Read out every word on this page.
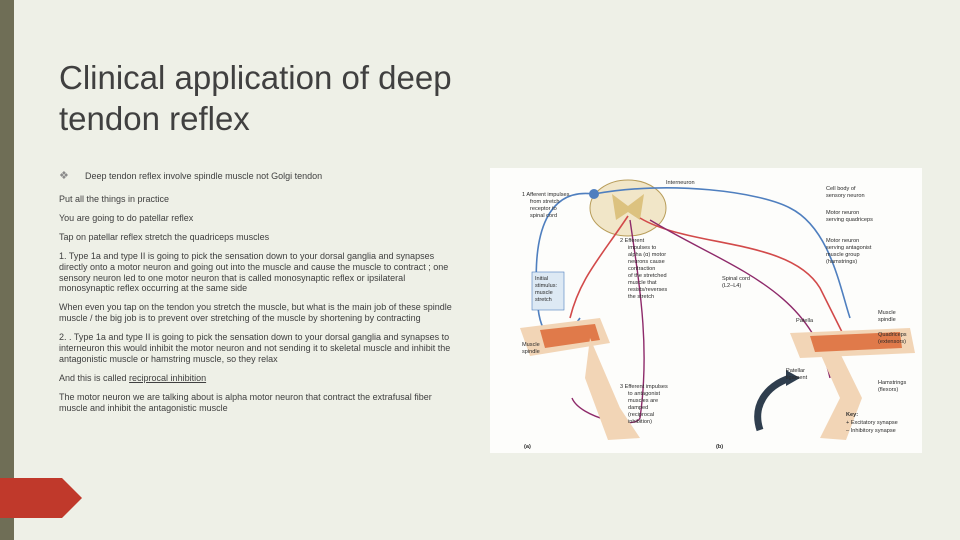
Clinical application of deep tendon reflex
❖	Deep tendon reflex involve spindle muscle not Golgi tendon

Put all the things in practice

You are going to do patellar reflex

Tap on patellar reflex stretch the quadriceps muscles

1. Type 1a and type II is going to pick the sensation down to your dorsal ganglia and synapses directly onto a motor neuron and going out into the muscle and cause the muscle to contract ; one sensory neuron led to one motor neuron that is called monosynaptic reflex or ipsilateral monosynaptic reflex occurring at the same side

When even you tap on the tendon you stretch the muscle, but what is the main job of these spindle muscle / the big job is to prevent over stretching of the muscle by shortening by contracting

2. . Type 1a and type II is going to pick the sensation down to your dorsal ganglia and synapses to interneuron this would inhibit the motor neuron and not sending it to skeletal muscle and inhibit the antagonistic muscle or hamstring muscle, so they relax

And this is called reciprocal inhibition

The motor neuron we are talking about is alpha motor neuron that contract the extrafusal fiber muscle and inhibit the antagonistic muscle

Interneuron
Cell body of sensory neuron
Motor neuron serving quadriceps
Motor neuron serving antagonist muscle group (hamstrings)
1 Afferent impulses from stretch receptor to spinal cord
2 Efferent impulses to alpha (α) motor neurons cause contraction of the stretched muscle that resists/reverses the stretch
Initial stimulus: muscle stretch
Spinal cord (L2–L4)
Patella
Muscle spindle
Quadriceps (extensors)
Muscle spindle
Patellar ligament
Hamstrings (flexors)
3 Efferent impulses to antagonist muscles are damped (reciprocal inhibition)
Key:
+ Excitatory synapse
– Inhibitory synapse
(a)	(b)
